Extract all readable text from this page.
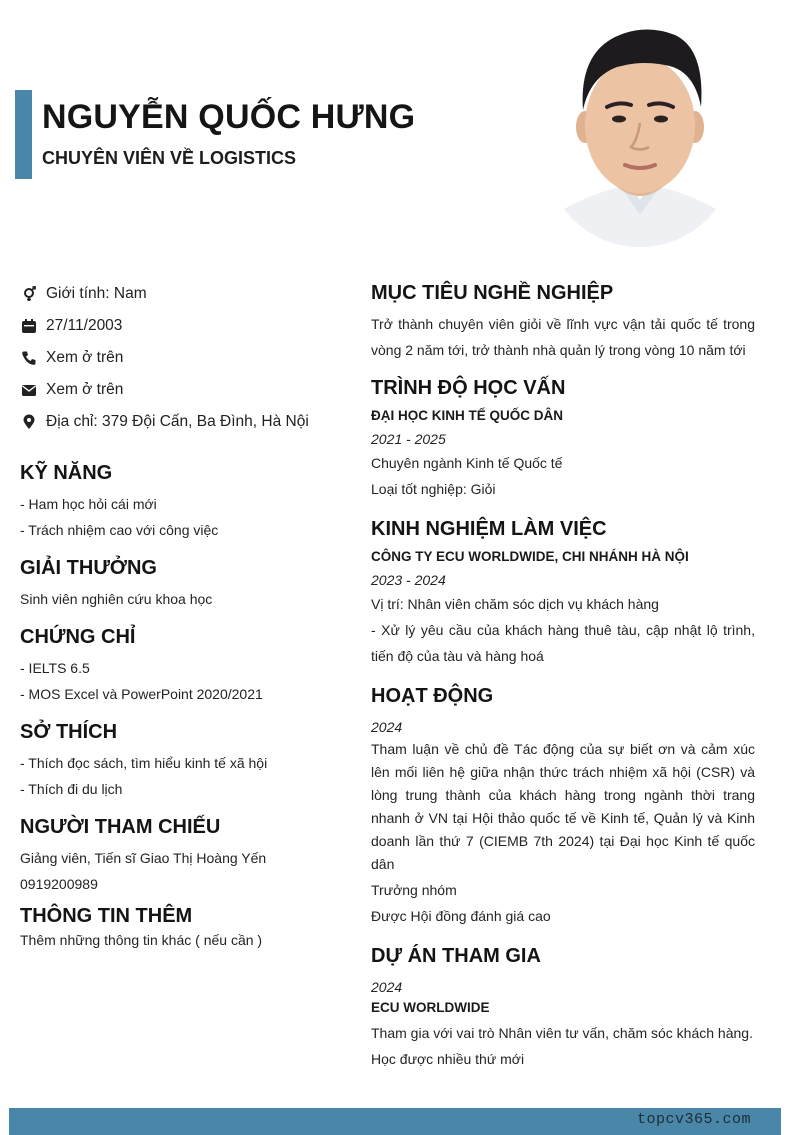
NGUYỄN QUỐC HƯNG
CHUYÊN VIÊN VỀ LOGISTICS
Giới tính: Nam
27/11/2003
Xem ở trên
Xem ở trên
Địa chỉ: 379 Đội Cấn, Ba Đình, Hà Nội
KỸ NĂNG
- Ham học hỏi cái mới
- Trách nhiệm cao với công việc
GIẢI THƯỞNG
Sinh viên nghiên cứu khoa học
CHỨNG CHỈ
- IELTS 6.5
- MOS Excel và PowerPoint 2020/2021
SỞ THÍCH
- Thích đọc sách, tìm hiểu kinh tế xã hội
- Thích đi du lịch
NGƯỜI THAM CHIẾU
Giảng viên, Tiến sĩ Giao Thị Hoàng Yến
0919200989
THÔNG TIN THÊM
Thêm những thông tin khác ( nếu cần )
MỤC TIÊU NGHỀ NGHIỆP
Trở thành chuyên viên giỏi về lĩnh vực vận tải quốc tế trong vòng 2 năm tới, trở thành nhà quản lý trong vòng 10 năm tới
TRÌNH ĐỘ HỌC VẤN
ĐẠI HỌC KINH TẾ QUỐC DÂN
2021 - 2025
Chuyên ngành Kinh tế Quốc tế
Loại tốt nghiệp: Giỏi
KINH NGHIỆM LÀM VIỆC
CÔNG TY ECU WORLDWIDE, CHI NHÁNH HÀ NỘI
2023 - 2024
Vị trí: Nhân viên chăm sóc dịch vụ khách hàng
- Xử lý yêu cầu của khách hàng thuê tàu, cập nhật lộ trình, tiến độ của tàu và hàng hoá
HOẠT ĐỘNG
2024
Tham luận về chủ đề Tác động của sự biết ơn và cảm xúc lên mối liên hệ giữa nhận thức trách nhiệm xã hội (CSR) và lòng trung thành của khách hàng trong ngành thời trang nhanh ở VN tại Hội thảo quốc tế về Kinh tế, Quản lý và Kinh doanh lần thứ 7 (CIEMB 7th 2024) tại Đại học Kinh tế quốc dân
Trưởng nhóm
Được Hội đồng đánh giá cao
DỰ ÁN THAM GIA
2024
ECU WORLDWIDE
Tham gia với vai trò Nhân viên tư vấn, chăm sóc khách hàng.
Học được nhiều thứ mới
topcv365.com
